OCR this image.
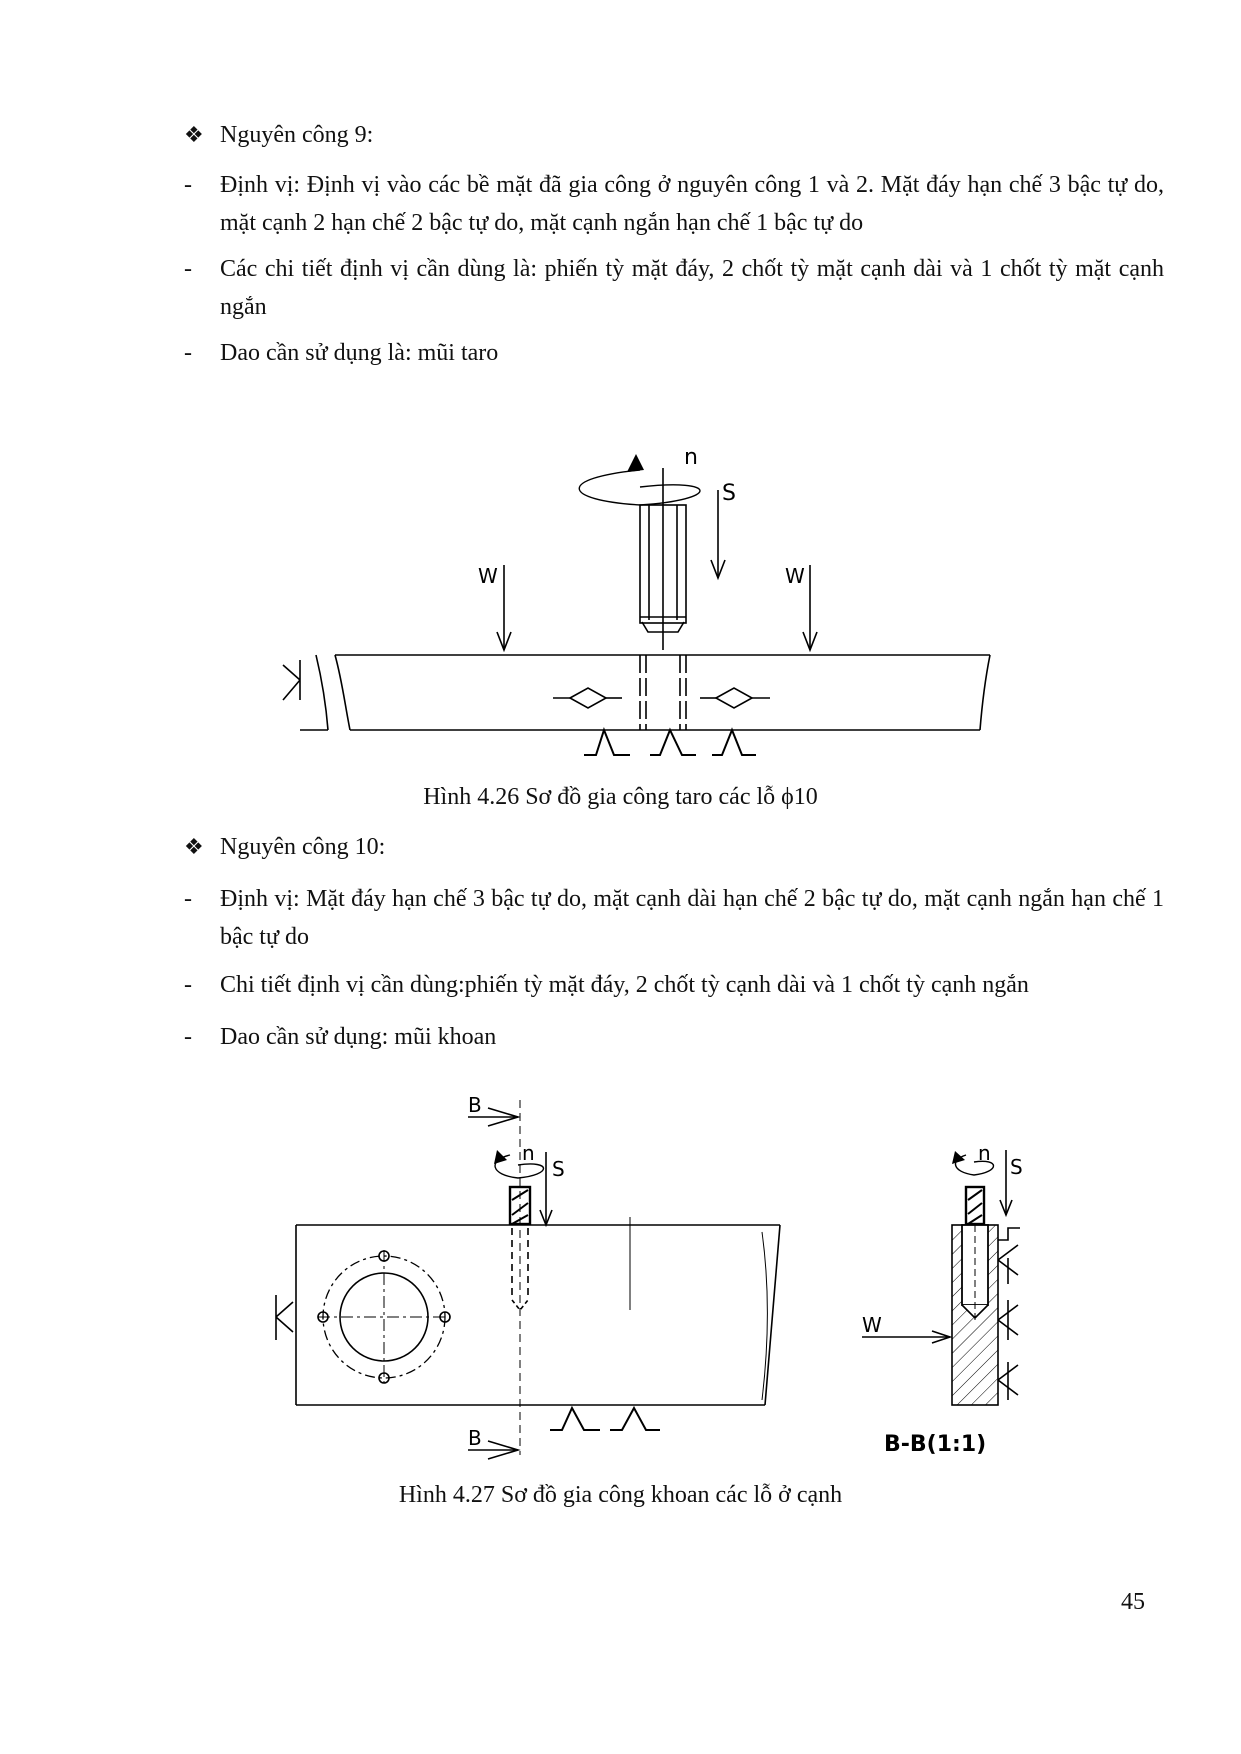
❖ Nguyên công 9:
-	Định vị: Định vị vào các bề mặt đã gia công ở nguyên công 1 và 2. Mặt đáy hạn chế 3 bậc tự do, mặt cạnh 2 hạn chế 2 bậc tự do, mặt cạnh ngắn hạn chế 1 bậc tự do
-	Các chi tiết định vị cần dùng là: phiến tỳ mặt đáy, 2 chốt tỳ mặt cạnh dài và 1 chốt tỳ mặt cạnh ngắn
-	Dao cần sử dụng là: mũi taro
n
S
W	W
Hình 4.26 Sơ đồ gia công taro các lỗ ϕ10
❖ Nguyên công 10:
-	Định vị: Mặt đáy hạn chế 3 bậc tự do, mặt cạnh dài hạn chế 2 bậc tự do, mặt cạnh ngắn hạn chế 1 bậc tự do
-	Chi tiết định vị cần dùng:phiến tỳ mặt đáy, 2 chốt tỳ cạnh dài và 1 chốt tỳ cạnh ngắn
-	Dao cần sử dụng: mũi khoan
B
B
n
S
n
S
W
B-B(1:1)
Hình 4.27 Sơ đồ gia công khoan các lỗ ở cạnh
45
